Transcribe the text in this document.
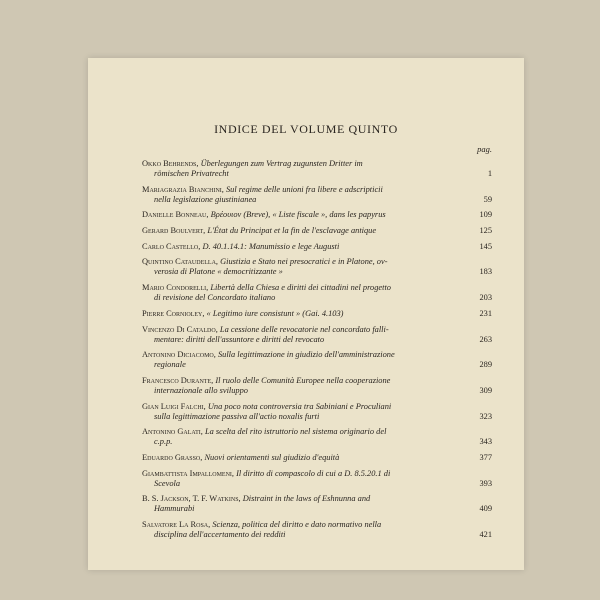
INDICE DEL VOLUME QUINTO
pag.
Okko Behrends, Überlegungen zum Vertrag zugunsten Dritter im
römischen Privatrecht	1
Mariagrazia Bianchini, Sul regime delle unioni fra libere e adscripticii
nella legislazione giustinianea	59
Danielle Bonneau, Βρέουιον (Breve), « Liste fiscale », dans les papyrus	109
Gerard Boulvert, L'État du Principat et la fin de l'esclavage antique	125
Carlo Castello, D. 40.1.14.1: Manumissio e lege Augusti	145
Quintino Cataudella, Giustizia e Stato nei presocratici e in Platone, ov-
verosia di Platone « democritizzante »	183
Mario Condorelli, Libertà della Chiesa e diritti dei cittadini nel progetto
di revisione del Concordato italiano	203
Pierre Cornioley, « Legitimo iure consistunt » (Gai. 4.103)	231
Vincenzo Di Cataldo, La cessione delle revocatorie nel concordato falli-
mentare: diritti dell'assuntore e diritti del revocato	263
Antonino Diciacomo, Sulla legittimazione in giudizio dell'amministrazione
regionale	289
Francesco Durante, Il ruolo delle Comunità Europee nella cooperazione
internazionale allo sviluppo	309
Gian Luigi Falchi, Una poco nota controversia tra Sabiniani e Proculiani
sulla legittimazione passiva all'actio noxalis furti	323
Antonino Galati, La scelta del rito istruttorio nel sistema originario del
c.p.p.	343
Eduardo Grasso, Nuovi orientamenti sul giudizio d'equità	377
Giambattista Impallomeni, Il diritto di compascolo di cui a D. 8.5.20.1 di
Scevola	393
B. S. Jackson, T. F. Watkins, Distraint in the laws of Eshnunna and
Hammurabi	409
Salvatore La Rosa, Scienza, politica del diritto e dato normativo nella
disciplina dell'accertamento dei redditi	421
